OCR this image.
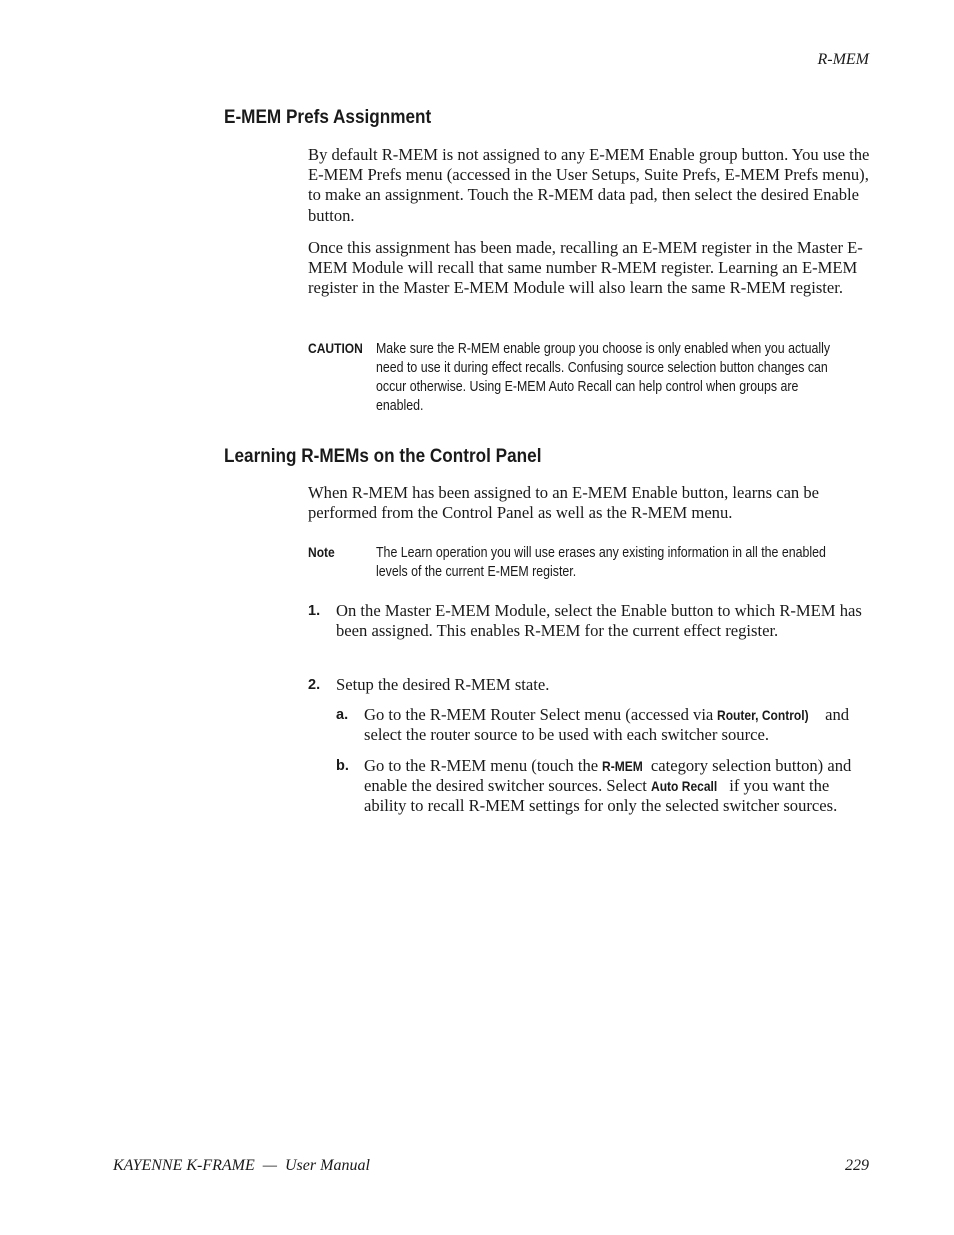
R-MEM
E-MEM Prefs Assignment

By default R-MEM is not assigned to any E-MEM Enable group button. You use the E-MEM Prefs menu (accessed in the User Setups, Suite Prefs, E-MEM Prefs menu), to make an assignment. Touch the R-MEM data pad, then select the desired Enable button.

Once this assignment has been made, recalling an E-MEM register in the Master E-MEM Module will recall that same number R-MEM register. Learning an E-MEM register in the Master E-MEM Module will also learn the same R-MEM register.

CAUTION Make sure the R-MEM enable group you choose is only enabled when you actually need to use it during effect recalls. Confusing source selection button changes can occur otherwise. Using E-MEM Auto Recall can help control when groups are enabled.
Learning R-MEMs on the Control Panel

When R-MEM has been assigned to an E-MEM Enable button, learns can be performed from the Control Panel as well as the R-MEM menu.

Note	The Learn operation you will use erases any existing information in all the enabled levels of the current E-MEM register.
1. On the Master E-MEM Module, select the Enable button to which R-MEM has been assigned. This enables R-MEM for the current effect register.

2. Setup the desired R-MEM state.

a. Go to the R-MEM Router Select menu (accessed via Router, Control) and select the router source to be used with each switcher source.

b. Go to the R-MEM menu (touch the R-MEM category selection button) and enable the desired switcher sources. Select Auto Recall if you want the ability to recall R-MEM settings for only the selected switcher sources.

KAYENNE K-FRAME  —  User Manual	229
